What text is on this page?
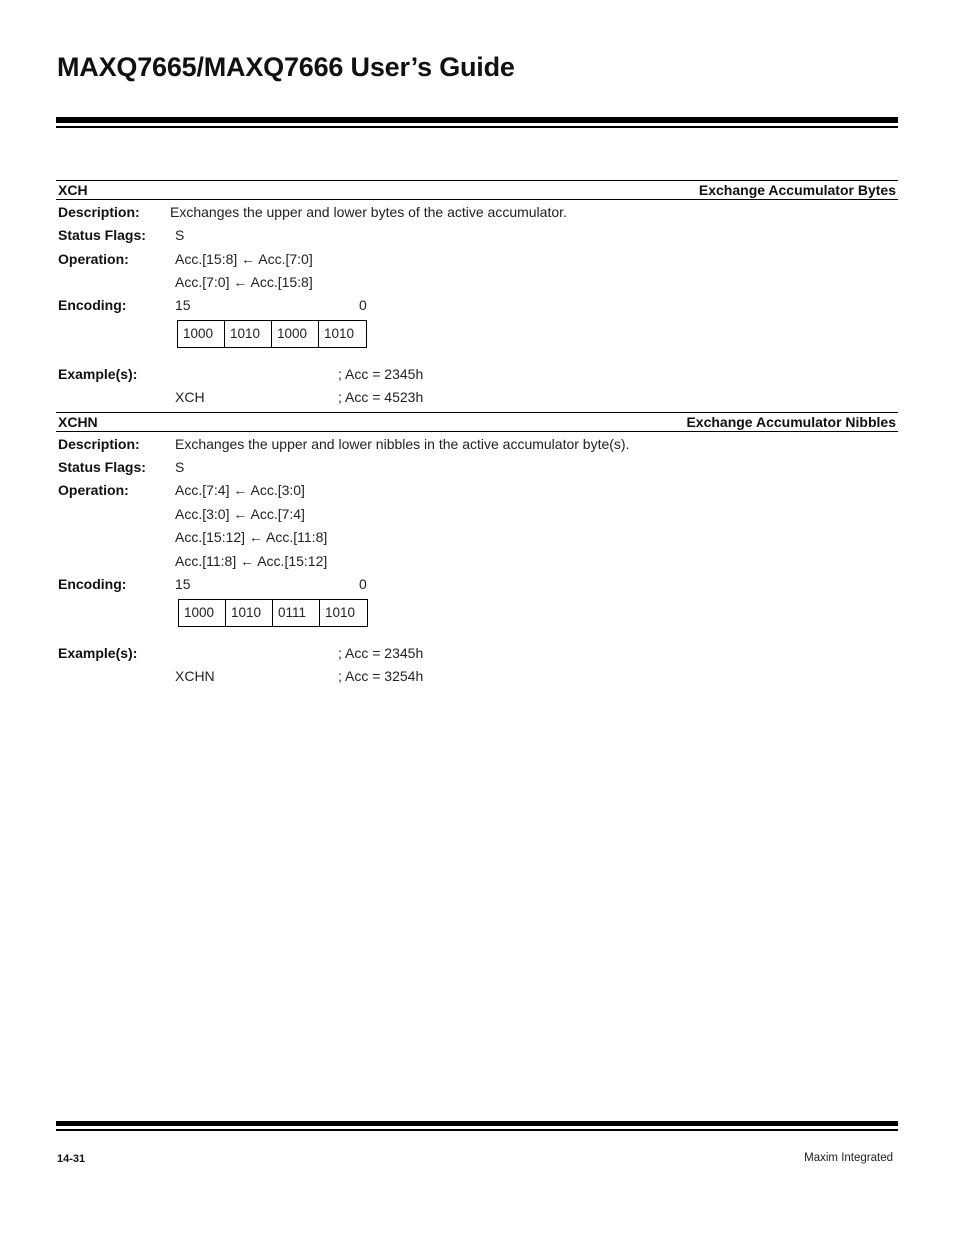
MAXQ7665/MAXQ7666 User’s Guide
XCH	Exchange Accumulator Bytes
Description: Exchanges the upper and lower bytes of the active accumulator.
Status Flags: S
Operation:	Acc.[15:8] ← Acc.[7:0]
Acc.[7:0] ← Acc.[15:8]
Encoding:	15	0
1000	1010	1000	1010
Example(s):	; Acc = 2345h
XCH	; Acc = 4523h
XCHN	Exchange Accumulator Nibbles
Description:	Exchanges the upper and lower nibbles in the active accumulator byte(s).
Status Flags: S
Operation:	Acc.[7:4] ← Acc.[3:0]
Acc.[3:0] ← Acc.[7:4]
Acc.[15:12] ← Acc.[11:8]
Acc.[11:8] ← Acc.[15:12]
Encoding:	15	0
1000	1010	0111	1010
Example(s):	; Acc = 2345h
XCHN	; Acc = 3254h
14-31	Maxim Integrated
